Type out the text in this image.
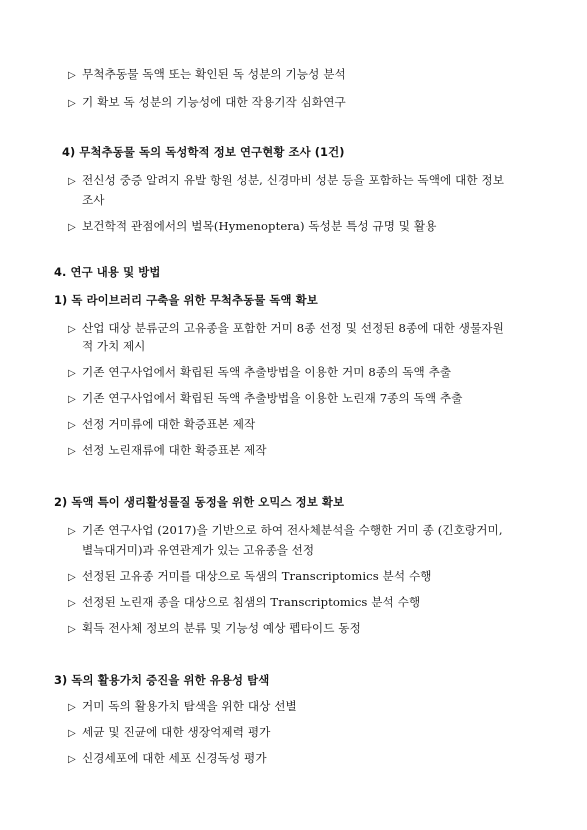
▷ 무척추동물 독액 또는 확인된 독 성분의 기능성 분석
▷ 기 확보 독 성분의 기능성에 대한 작용기작 심화연구
4) 무척추동물 독의 독성학적 정보 연구현황 조사 (1건)
▷ 전신성 중증 알려지 유발 항원 성분, 신경마비 성분 등을 포함하는 독액에 대한 정보
조사
▷ 보건학적 관점에서의 벌목(Hymenoptera) 독성분 특성 규명 및 활용
4. 연구 내용 및 방법
1) 독 라이브러리 구축을 위한 무척추동물 독액 확보
▷ 산업 대상 분류군의 고유종을 포함한 거미 8종 선정 및 선정된 8종에 대한 생물자원
적 가치 제시
▷ 기존 연구사업에서 확립된 독액 추출방법을 이용한 거미 8종의 독액 추출
▷ 기존 연구사업에서 확립된 독액 추출방법을 이용한 노린재 7종의 독액 추출
▷ 선정 거미류에 대한 확증표본 제작
▷ 선정 노린재류에 대한 확증표본 제작
2) 독액 특이 생리활성물질 동정을 위한 오믹스 정보 확보
▷ 기존 연구사업 (2017)을 기반으로 하여 전사체분석을 수행한 거미 종 (긴호랑거미,
별늑대거미)과 유연관계가 있는 고유종을 선정
▷ 선정된 고유종 거미를 대상으로 독샘의 Transcriptomics 분석 수행
▷ 선정된 노린재 종을 대상으로 침샘의 Transcriptomics 분석 수행
▷ 획득 전사체 정보의 분류 및 기능성 예상 펩타이드 동정
3) 독의 활용가치 증진을 위한 유용성 탐색
▷ 거미 독의 활용가치 탐색을 위한 대상 선별
▷ 세균 및 진균에 대한 생장억제력 평가
▷ 신경세포에 대한 세포 신경독성 평가
